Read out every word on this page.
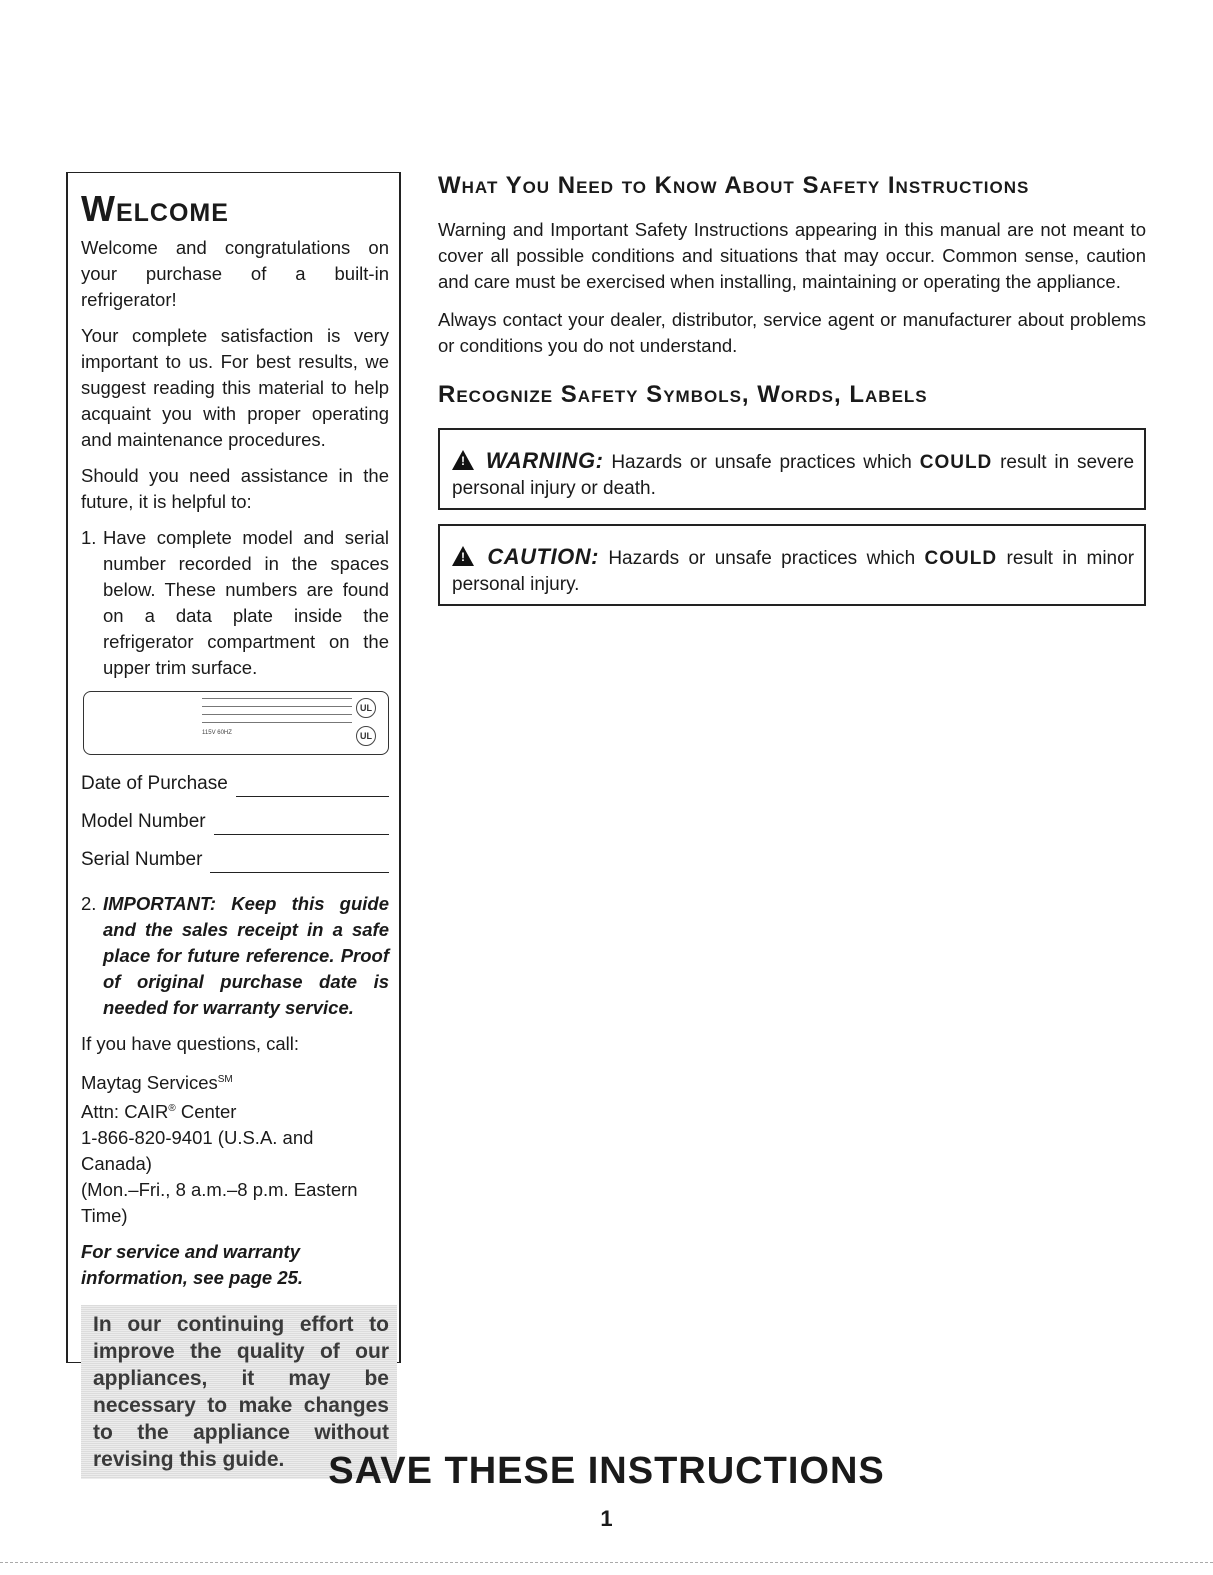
Welcome

Welcome and congratulations on your purchase of a built-in refrigerator!

Your complete satisfaction is very important to us. For best results, we suggest reading this material to help acquaint you with proper operating and maintenance procedures.

Should you need assistance in the future, it is helpful to:

1. Have complete model and serial number recorded in the spaces below. These numbers are found on a data plate inside the refrigerator compartment on the upper trim surface.
115V 60HZ
UL
UL
Date of Purchase
Model Number
Serial Number
2. IMPORTANT: Keep this guide and the sales receipt in a safe place for future reference. Proof of original purchase date is needed for warranty service.

If you have questions, call:

Maytag Services℠
Attn: CAIR® Center
1-866-820-9401 (U.S.A. and Canada)
(Mon.–Fri., 8 a.m.–8 p.m. Eastern Time)

For service and warranty information, see page 25.

In our continuing effort to improve the quality of our appliances, it may be necessary to make changes to the appliance without revising this guide.
What You Need to Know About Safety Instructions

Warning and Important Safety Instructions appearing in this manual are not meant to cover all possible conditions and situations that may occur. Common sense, caution and care must be exercised when installing, maintaining or operating the appliance.

Always contact your dealer, distributor, service agent or manufacturer about problems or conditions you do not understand.

Recognize Safety Symbols, Words, Labels
! WARNING: Hazards or unsafe practices which COULD result in severe personal injury or death.
! CAUTION: Hazards or unsafe practices which COULD result in minor personal injury.
SAVE THESE INSTRUCTIONS
1
